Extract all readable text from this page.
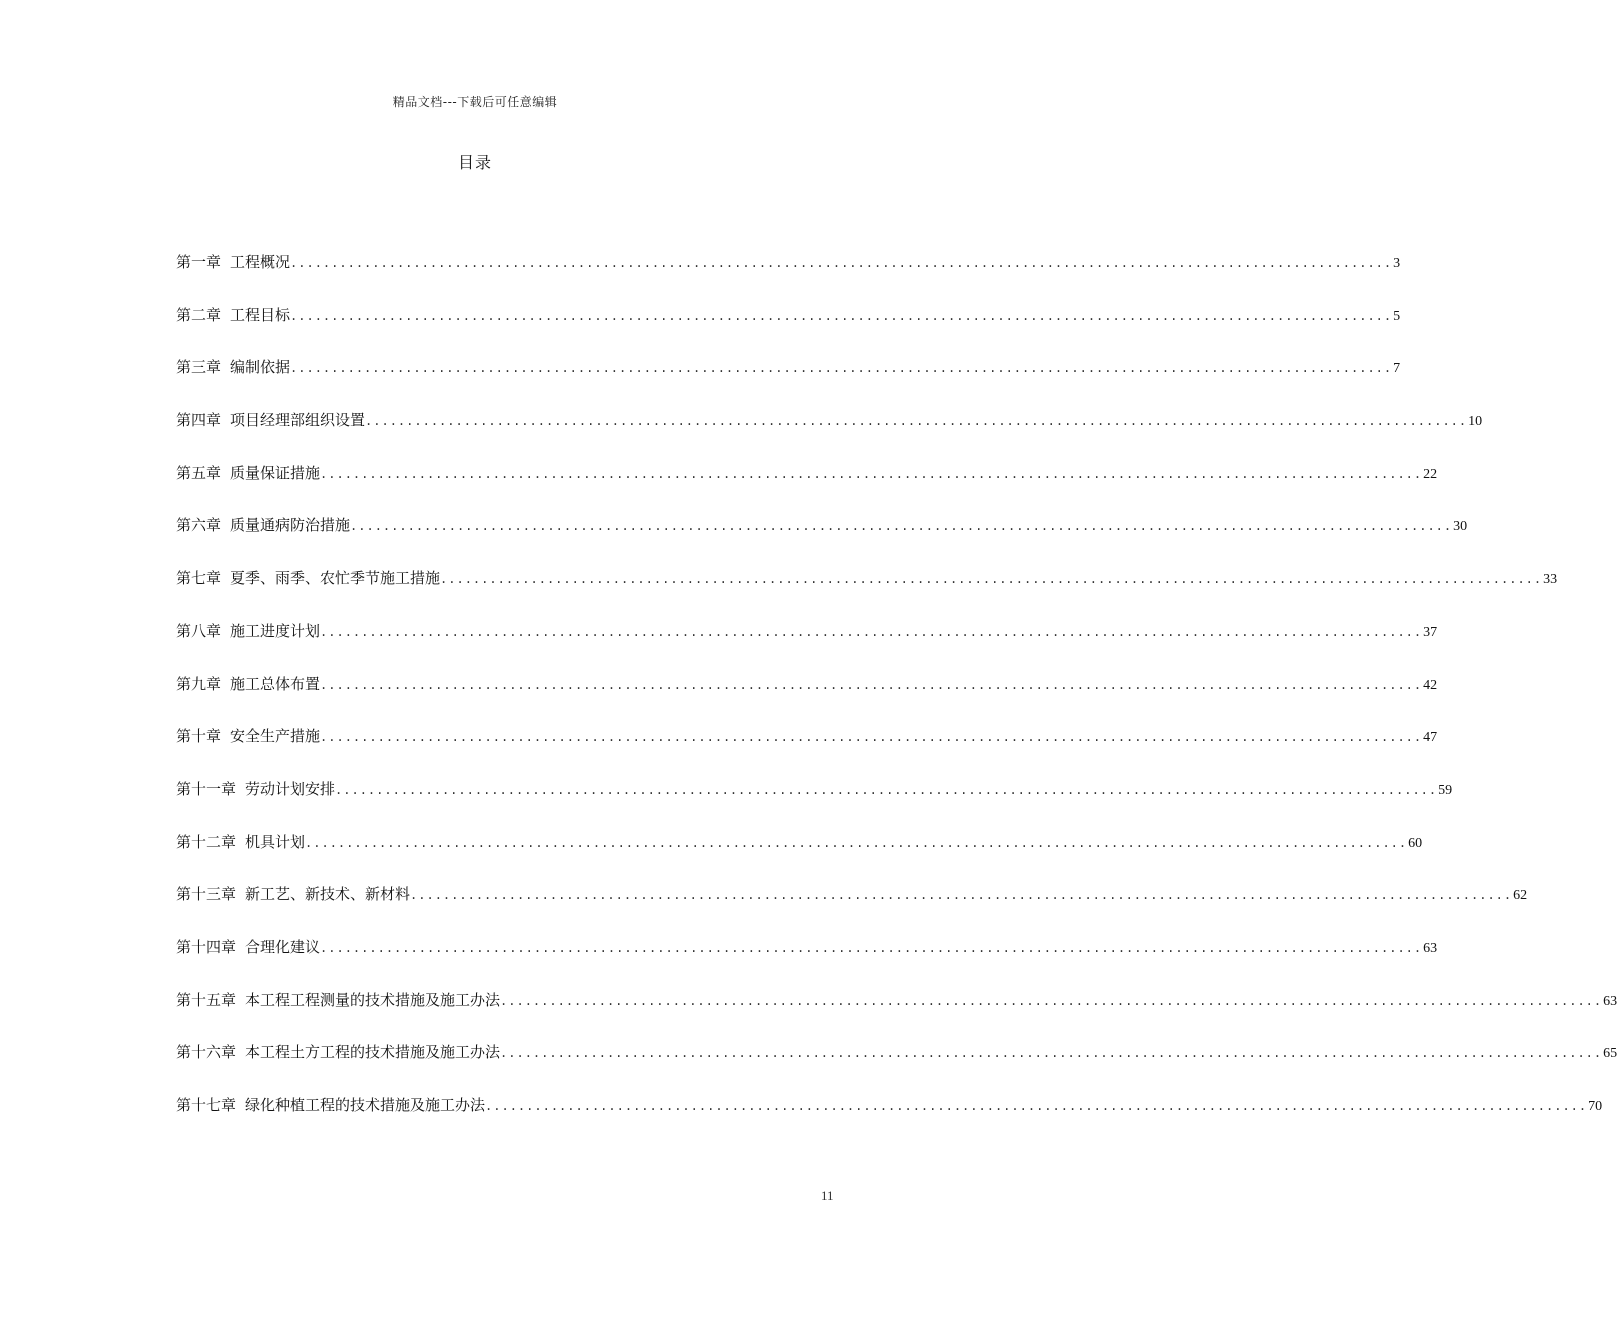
精品文档---下载后可任意编辑
目录
第一章 工程概况 ...................................................................................................................................... 3
第二章 工程目标 ...................................................................................................................................... 5
第三章 编制依据 ...................................................................................................................................... 7
第四章 项目经理部组织设置 ...................................................................................................................................... 10
第五章 质量保证措施 ...................................................................................................................................... 22
第六章 质量通病防治措施 ...................................................................................................................................... 30
第七章 夏季、雨季、农忙季节施工措施 ...................................................................................................................................... 33
第八章 施工进度计划 ...................................................................................................................................... 37
第九章 施工总体布置 ...................................................................................................................................... 42
第十章 安全生产措施 ...................................................................................................................................... 47
第十一章 劳动计划安排 ...................................................................................................................................... 59
第十二章 机具计划 ...................................................................................................................................... 60
第十三章 新工艺、新技术、新材料 ...................................................................................................................................... 62
第十四章 合理化建议 ...................................................................................................................................... 63
第十五章 本工程工程测量的技术措施及施工办法 ...................................................................................................................................... 63
第十六章 本工程土方工程的技术措施及施工办法 ...................................................................................................................................... 65
第十七章 绿化种植工程的技术措施及施工办法 ...................................................................................................................................... 70
11
